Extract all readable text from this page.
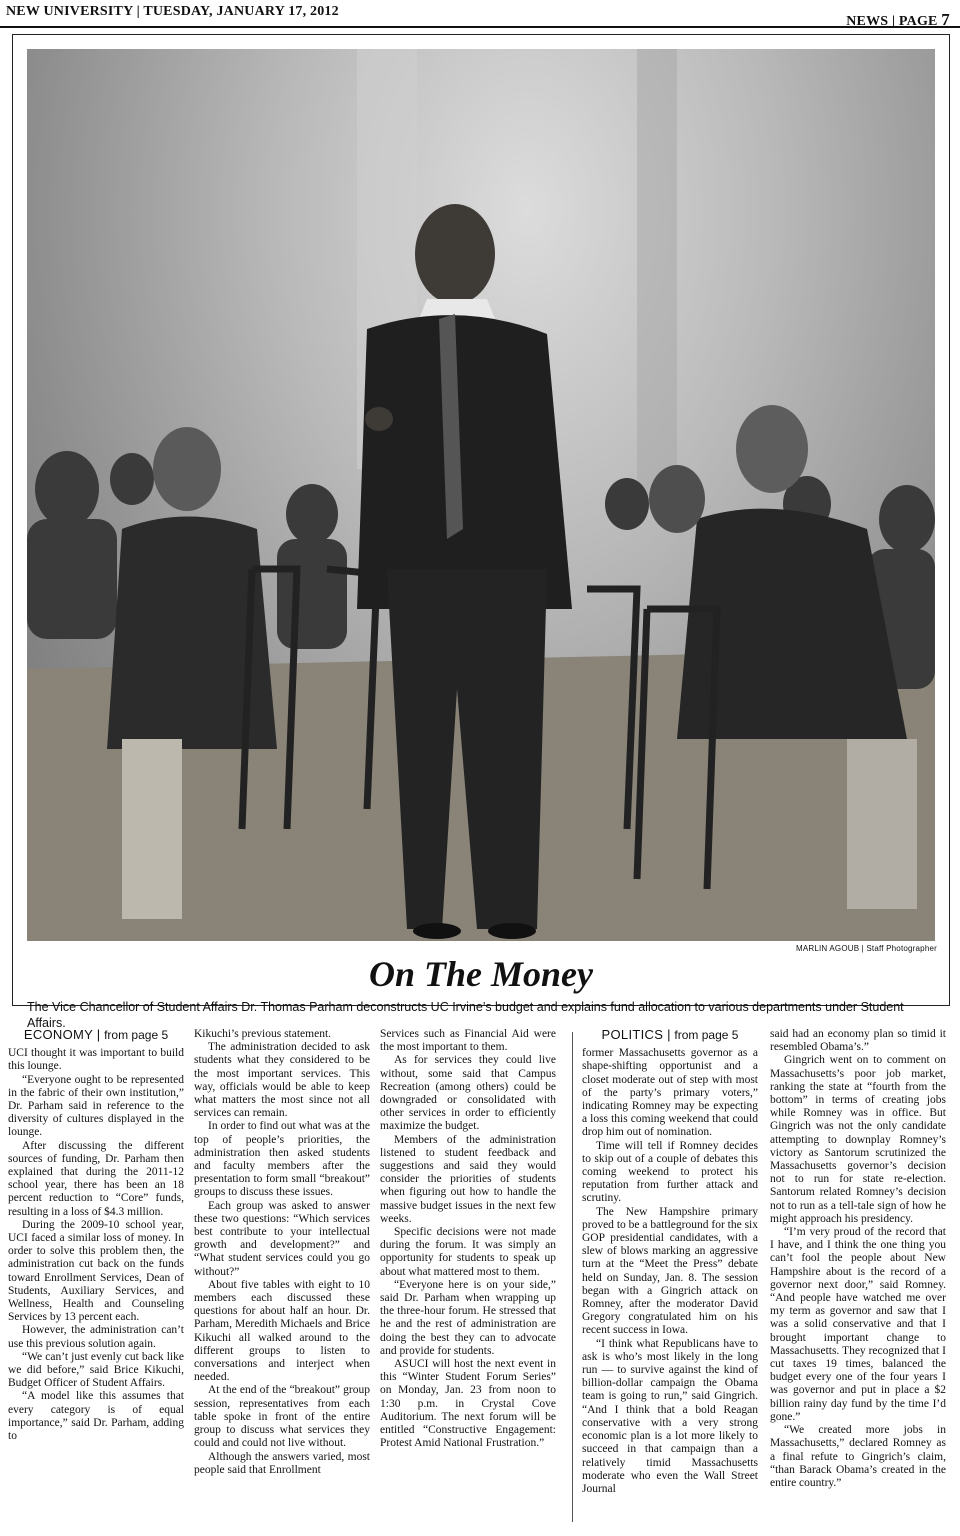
NEW UNIVERSITY | TUESDAY, JANUARY 17, 2012
NEWS | PAGE 7
MARLIN AGOUB | Staff Photographer
On The Money
The Vice Chancellor of Student Affairs Dr. Thomas Parham deconstructs UC Irvine’s budget and explains fund allocation to various departments under Student Affairs.
ECONOMY | from page 5

UCI thought it was important to build this lounge.

“Everyone ought to be represented in the fabric of their own institution,” Dr. Parham said in reference to the diversity of cultures displayed in the lounge.

After discussing the different sources of funding, Dr. Parham then explained that during the 2011-12 school year, there has been an 18 percent reduction to “Core” funds, resulting in a loss of $4.3 million.

During the 2009-10 school year, UCI faced a similar loss of money. In order to solve this problem then, the administration cut back on the funds toward Enrollment Services, Dean of Students, Auxiliary Services, and Wellness, Health and Counseling Services by 13 percent each.

However, the administration can’t use this previous solution again.

“We can’t just evenly cut back like we did before,” said Brice Kikuchi, Budget Officer of Student Affairs.

“A model like this assumes that every category is of equal importance,” said Dr. Parham, adding to

Kikuchi’s previous statement.

The administration decided to ask students what they considered to be the most important services. This way, officials would be able to keep what matters the most since not all services can remain.

In order to find out what was at the top of people’s priorities, the administration then asked students and faculty members after the presentation to form small “breakout” groups to discuss these issues.

Each group was asked to answer these two questions: “Which services best contribute to your intellectual growth and development?” and “What student services could you go without?”

About five tables with eight to 10 members each discussed these questions for about half an hour. Dr. Parham, Meredith Michaels and Brice Kikuchi all walked around to the different groups to listen to conversations and interject when needed.

At the end of the “breakout” group session, representatives from each table spoke in front of the entire group to discuss what services they could and could not live without.

Although the answers varied, most people said that Enrollment

Services such as Financial Aid were the most important to them.

As for services they could live without, some said that Campus Recreation (among others) could be downgraded or consolidated with other services in order to efficiently maximize the budget.

Members of the administration listened to student feedback and suggestions and said they would consider the priorities of students when figuring out how to handle the massive budget issues in the next few weeks.

Specific decisions were not made during the forum. It was simply an opportunity for students to speak up about what mattered most to them.

“Everyone here is on your side,” said Dr. Parham when wrapping up the three-hour forum. He stressed that he and the rest of administration are doing the best they can to advocate and provide for students.

ASUCI will host the next event in this “Winter Student Forum Series” on Monday, Jan. 23 from noon to 1:30 p.m. in Crystal Cove Auditorium. The next forum will be entitled “Constructive Engagement: Protest Amid National Frustration.”

POLITICS | from page 5

former Massachusetts governor as a shape-shifting opportunist and a closet moderate out of step with most of the party’s primary voters,” indicating Romney may be expecting a loss this coming weekend that could drop him out of nomination.

Time will tell if Romney decides to skip out of a couple of debates this coming weekend to protect his reputation from further attack and scrutiny.

The New Hampshire primary proved to be a battleground for the six GOP presidential candidates, with a slew of blows marking an aggressive turn at the “Meet the Press” debate held on Sunday, Jan. 8. The session began with a Gingrich attack on Romney, after the moderator David Gregory congratulated him on his recent success in Iowa.

“I think what Republicans have to ask is who’s most likely in the long run — to survive against the kind of billion-dollar campaign the Obama team is going to run,” said Gingrich. “And I think that a bold Reagan conservative with a very strong economic plan is a lot more likely to succeed in that campaign than a relatively timid Massachusetts moderate who even the Wall Street Journal

said had an economy plan so timid it resembled Obama’s.”

Gingrich went on to comment on Massachusetts’s poor job market, ranking the state at “fourth from the bottom” in terms of creating jobs while Romney was in office. But Gingrich was not the only candidate attempting to downplay Romney’s victory as Santorum scrutinized the Massachusetts governor’s decision not to run for state re-election. Santorum related Romney’s decision not to run as a tell-tale sign of how he might approach his presidency.

“I’m very proud of the record that I have, and I think the one thing you can’t fool the people about New Hampshire about is the record of a governor next door,” said Romney. “And people have watched me over my term as governor and saw that I was a solid conservative and that I brought important change to Massachusetts. They recognized that I cut taxes 19 times, balanced the budget every one of the four years I was governor and put in place a $2 billion rainy day fund by the time I’d gone.”

“We created more jobs in Massachusetts,” declared Romney as a final refute to Gingrich’s claim, “than Barack Obama’s created in the entire country.”
